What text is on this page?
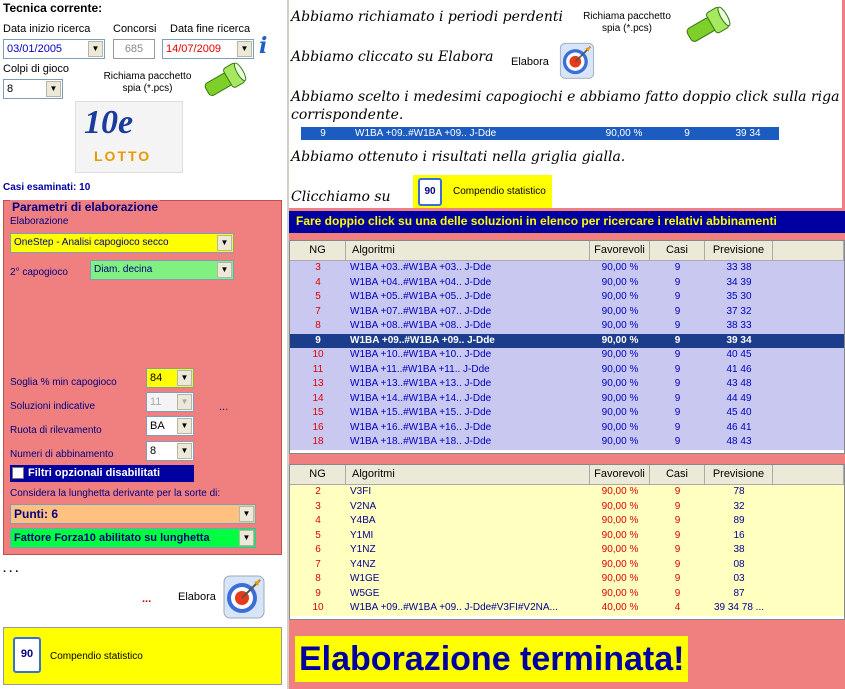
Tecnica corrente:
Data inizio ricerca
03/01/2005	▼
Concorsi
685
Data fine ricerca
14/07/2009	▼ i
Colpi di gioco
8	▼
Richiama pacchetto spia (*.pcs)
10e
LOTTO
Casi esaminati: 10
Parametri di elaborazione
Elaborazione
OneStep - Analisi capogioco secco	▼
2° capogioco	Diam. decina	▼
Soglia % min capogioco	84	▼
Soluzioni indicative	11	▼	...
Ruota di rilevamento	BA	▼
Numeri di abbinamento	8	▼
Filtri opzionali disabilitati
Considera la lunghetta derivante per la sorte di:
Punti: 6	▼
Fattore Forza10 abilitato su lunghetta	▼
. . .
... Elabora
90	Compendio statistico
Abbiamo richiamato i periodi perdenti	Richiama pacchetto spia (*.pcs)
Abbiamo cliccato su Elabora Elabora
Abbiamo scelto i medesimi capogiochi e abbiamo fatto doppio click sulla riga
corrispondente.
9	W1BA +09..#W1BA +09.. J-Dde	90,00 %	9	39 34
Abbiamo ottenuto i risultati nella griglia gialla.
Clicchiamo su	90	Compendio statistico
Fare doppio click su una delle soluzioni in elenco per ricercare i relativi abbinamenti
NG	Algoritmi	Favorevoli	Casi	Previsione
3	W1BA +03..#W1BA +03.. J-Dde	90,00 %	9	33 38
4	W1BA +04..#W1BA +04.. J-Dde	90,00 %	9	34 39
5	W1BA +05..#W1BA +05.. J-Dde	90,00 %	9	35 30
7	W1BA +07..#W1BA +07.. J-Dde	90,00 %	9	37 32
8	W1BA +08..#W1BA +08.. J-Dde	90,00 %	9	38 33
9	W1BA +09..#W1BA +09.. J-Dde	90,00 %	9	39 34
10	W1BA +10..#W1BA +10.. J-Dde	90,00 %	9	40 45
11	W1BA +11..#W1BA +11.. J-Dde	90,00 %	9	41 46
13	W1BA +13..#W1BA +13.. J-Dde	90,00 %	9	43 48
14	W1BA +14..#W1BA +14.. J-Dde	90,00 %	9	44 49
15	W1BA +15..#W1BA +15.. J-Dde	90,00 %	9	45 40
16	W1BA +16..#W1BA +16.. J-Dde	90,00 %	9	46 41
18	W1BA +18..#W1BA +18.. J-Dde	90,00 %	9	48 43
NG	Algoritmi	Favorevoli	Casi	Previsione
2	V3FI	90,00 %	9	78
3	V2NA	90,00 %	9	32
4	Y4BA	90,00 %	9	89
5	Y1MI	90,00 %	9	16
6	Y1NZ	90,00 %	9	38
7	Y4NZ	90,00 %	9	08
8	W1GE	90,00 %	9	03
9	W5GE	90,00 %	9	87
10	W1BA +09..#W1BA +09.. J-Dde#V3FI#V2NA...	40,00 %	4	39 34 78 ...
Elaborazione terminata!
